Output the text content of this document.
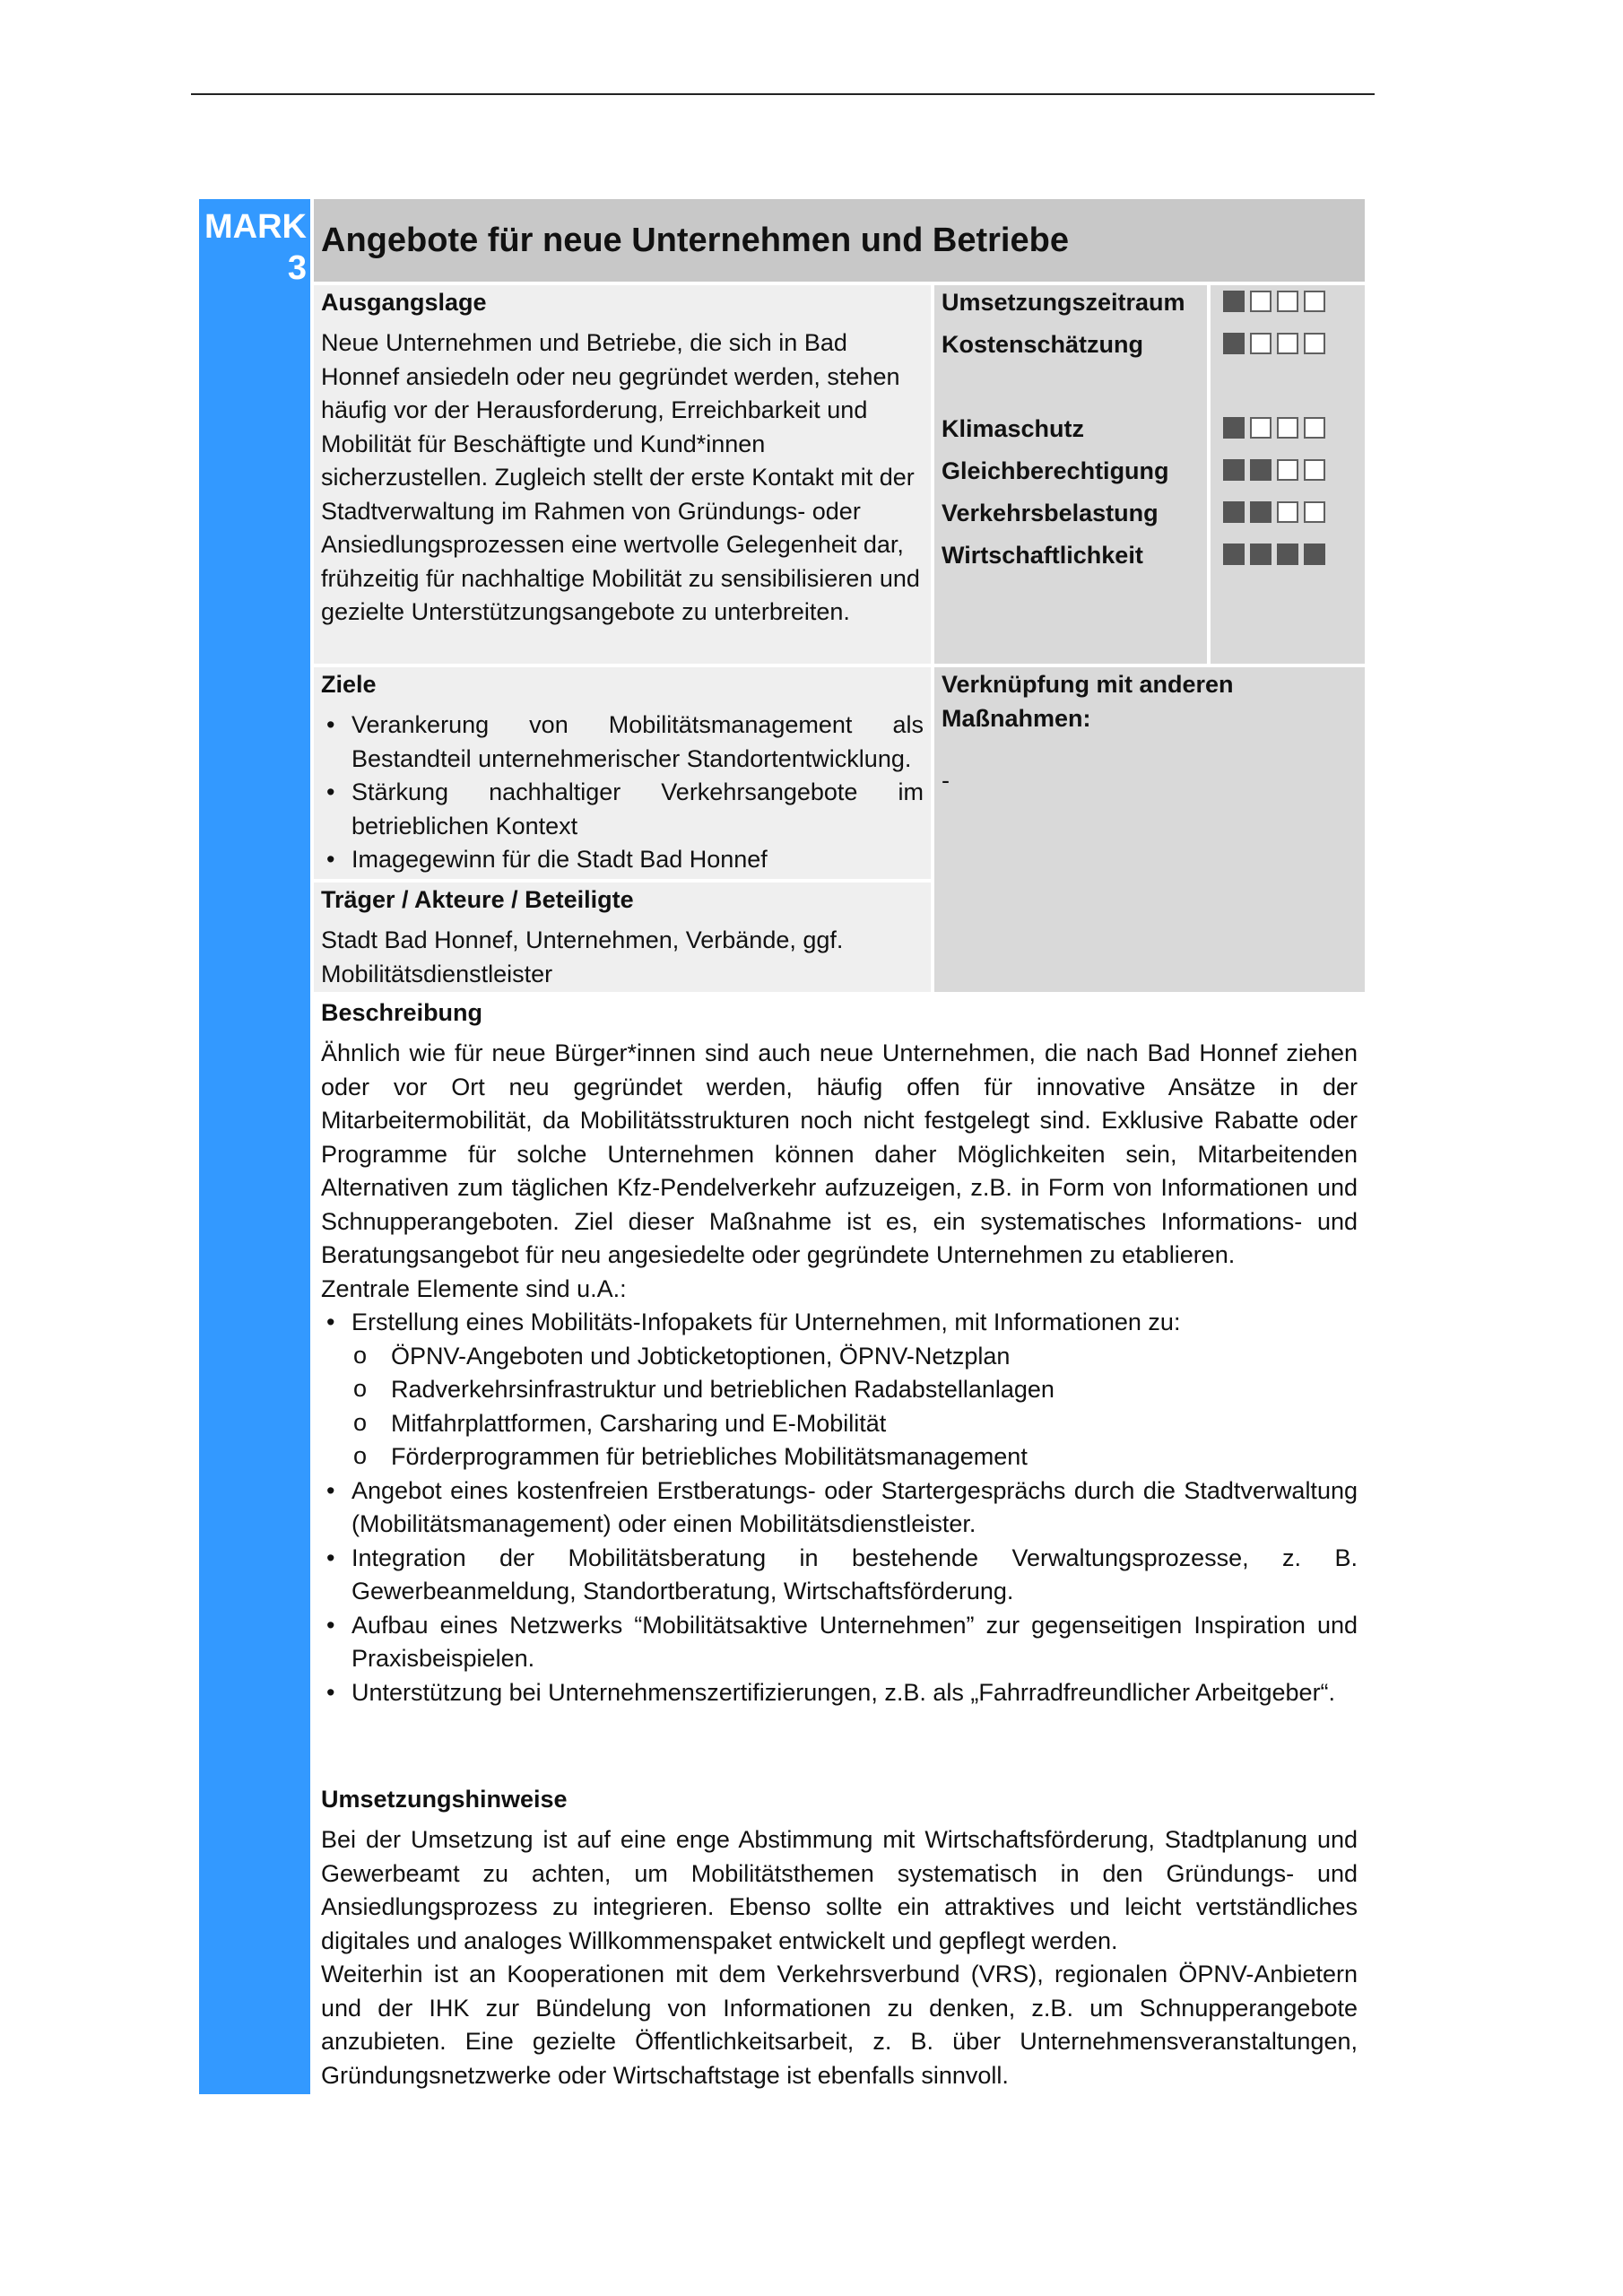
MARK
3
Angebote für neue Unternehmen und Betriebe

Ausgangslage

Neue Unternehmen und Betriebe, die sich in Bad Honnef ansiedeln oder neu gegründet werden, stehen häufig vor der Herausforderung, Erreichbarkeit und Mobilität für Beschäftigte und Kund*innen sicherzustellen. Zugleich stellt der erste Kontakt mit der Stadtverwaltung im Rahmen von Gründungs- oder Ansiedlungsprozessen eine wertvolle Gelegenheit dar, frühzeitig für nachhaltige Mobilität zu sensibilisieren und gezielte Unterstützungsangebote zu unterbreiten.

Umsetzungszeitraum
Kostenschätzung
Klimaschutz
Gleichberechtigung
Verkehrsbelastung
Wirtschaftlichkeit

Ziele

• Verankerung von Mobilitätsmanagement als Bestandteil unternehmerischer Standortentwicklung.
• Stärkung nachhaltiger Verkehrsangebote im betrieblichen Kontext
• Imagegewinn für die Stadt Bad Honnef

Träger / Akteure / Beteiligte

Stadt Bad Honnef, Unternehmen, Verbände, ggf. Mobilitätsdienstleister

Verknüpfung mit anderen Maßnahmen:

-

Beschreibung

Ähnlich wie für neue Bürger*innen sind auch neue Unternehmen, die nach Bad Honnef ziehen oder vor Ort neu gegründet werden, häufig offen für innovative Ansätze in der Mitarbeitermobilität, da Mobilitätsstrukturen noch nicht festgelegt sind. Exklusive Rabatte oder Programme für solche Unternehmen können daher Möglichkeiten sein, Mitarbeitenden Alternativen zum täglichen Kfz-Pendelverkehr aufzuzeigen, z.B. in Form von Informationen und Schnupperangeboten. Ziel dieser Maßnahme ist es, ein systematisches Informations- und Beratungsangebot für neu angesiedelte oder gegründete Unternehmen zu etablieren.

Zentrale Elemente sind u.A.:

• Erstellung eines Mobilitäts-Infopakets für Unternehmen, mit Informationen zu:
o ÖPNV-Angeboten und Jobticketoptionen, ÖPNV-Netzplan
o Radverkehrsinfrastruktur und betrieblichen Radabstellanlagen
o Mitfahrplattformen, Carsharing und E-Mobilität
o Förderprogrammen für betriebliches Mobilitätsmanagement
• Angebot eines kostenfreien Erstberatungs- oder Startergesprächs durch die Stadtverwaltung (Mobilitätsmanagement) oder einen Mobilitätsdienstleister.
• Integration der Mobilitätsberatung in bestehende Verwaltungsprozesse, z. B. Gewerbeanmeldung, Standortberatung, Wirtschaftsförderung.
• Aufbau eines Netzwerks “Mobilitätsaktive Unternehmen” zur gegenseitigen Inspiration und Praxisbeispielen.
• Unterstützung bei Unternehmenszertifizierungen, z.B. als „Fahrradfreundlicher Arbeitgeber“.

Umsetzungshinweise

Bei der Umsetzung ist auf eine enge Abstimmung mit Wirtschaftsförderung, Stadtplanung und Gewerbeamt zu achten, um Mobilitätsthemen systematisch in den Gründungs- und Ansiedlungsprozess zu integrieren. Ebenso sollte ein attraktives und leicht vertständliches digitales und analoges Willkommenspaket entwickelt und gepflegt werden.

Weiterhin ist an Kooperationen mit dem Verkehrsverbund (VRS), regionalen ÖPNV-Anbietern und der IHK zur Bündelung von Informationen zu denken, z.B. um Schnupperangebote anzubieten. Eine gezielte Öffentlichkeitsarbeit, z. B. über Unternehmensveranstaltungen, Gründungsnetzwerke oder Wirtschaftstage ist ebenfalls sinnvoll.
